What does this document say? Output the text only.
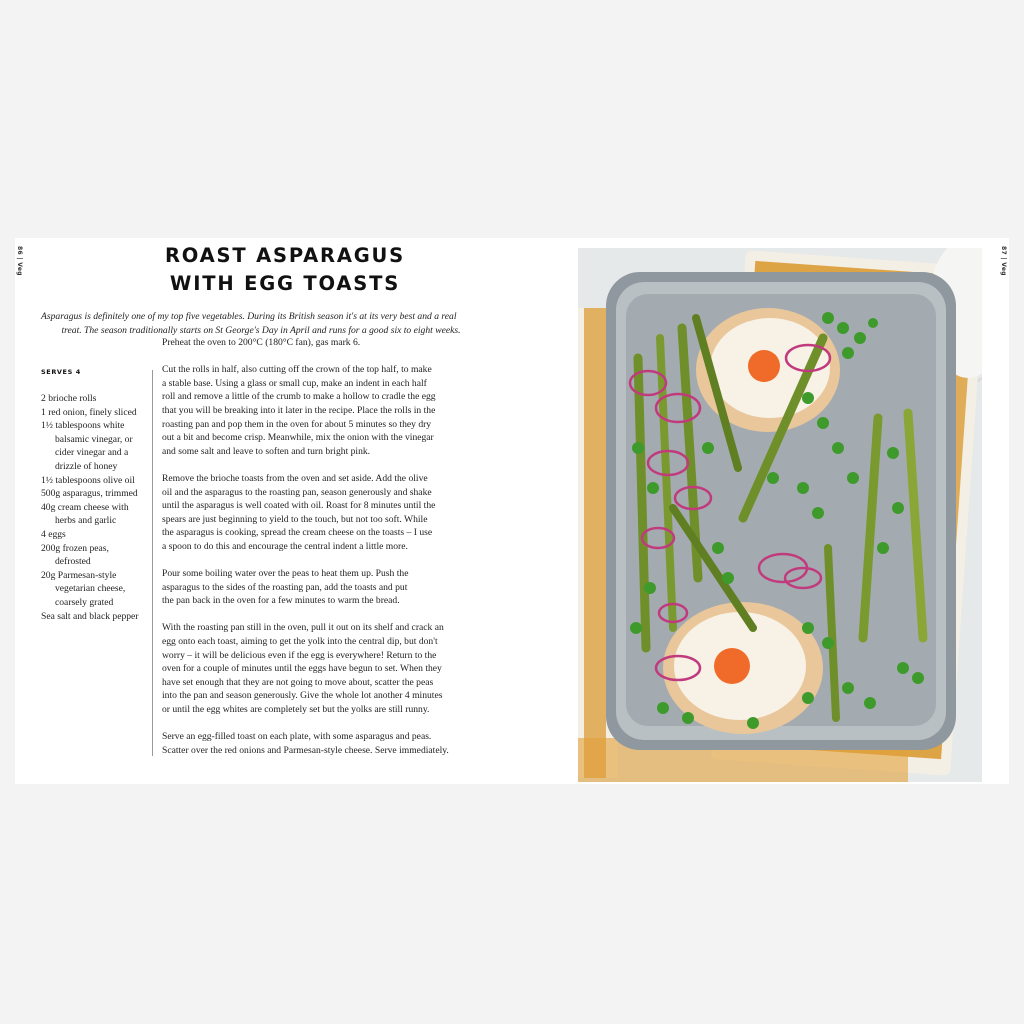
86 | Veg	ROAST ASPARAGUS
WITH EGG TOASTS
Asparagus is definitely one of my top five vegetables. During its British season it's at its very best and a real
treat. The season traditionally starts on St George's Day in April and runs for a good six to eight weeks.
SERVES 4
2 brioche rolls
1 red onion, finely sliced
1½ tablespoons white
balsamic vinegar, or
cider vinegar and a
drizzle of honey
1½ tablespoons olive oil
500g asparagus, trimmed
40g cream cheese with
herbs and garlic
4 eggs
200g frozen peas,
defrosted
20g Parmesan-style
vegetarian cheese,
coarsely grated
Sea salt and black pepper

Preheat the oven to 200°C (180°C fan), gas mark 6.

Cut the rolls in half, also cutting off the crown of the top half, to make
a stable base. Using a glass or small cup, make an indent in each half
roll and remove a little of the crumb to make a hollow to cradle the egg
that you will be breaking into it later in the recipe. Place the rolls in the
roasting pan and pop them in the oven for about 5 minutes so they dry
out a bit and become crisp. Meanwhile, mix the onion with the vinegar
and some salt and leave to soften and turn bright pink.

Remove the brioche toasts from the oven and set aside. Add the olive
oil and the asparagus to the roasting pan, season generously and shake
until the asparagus is well coated with oil. Roast for 8 minutes until the
spears are just beginning to yield to the touch, but not too soft. While
the asparagus is cooking, spread the cream cheese on the toasts – I use
a spoon to do this and encourage the central indent a little more.

Pour some boiling water over the peas to heat them up. Push the
asparagus to the sides of the roasting pan, add the toasts and put
the pan back in the oven for a few minutes to warm the bread.

With the roasting pan still in the oven, pull it out on its shelf and crack an
egg onto each toast, aiming to get the yolk into the central dip, but don't
worry – it will be delicious even if the egg is everywhere! Return to the
oven for a couple of minutes until the eggs have begun to set. When they
have set enough that they are not going to move about, scatter the peas
into the pan and season generously. Give the whole lot another 4 minutes
or until the egg whites are completely set but the yolks are still runny.

Serve an egg-filled toast on each plate, with some asparagus and peas.
Scatter over the red onions and Parmesan-style cheese. Serve immediately.

87 | Veg
